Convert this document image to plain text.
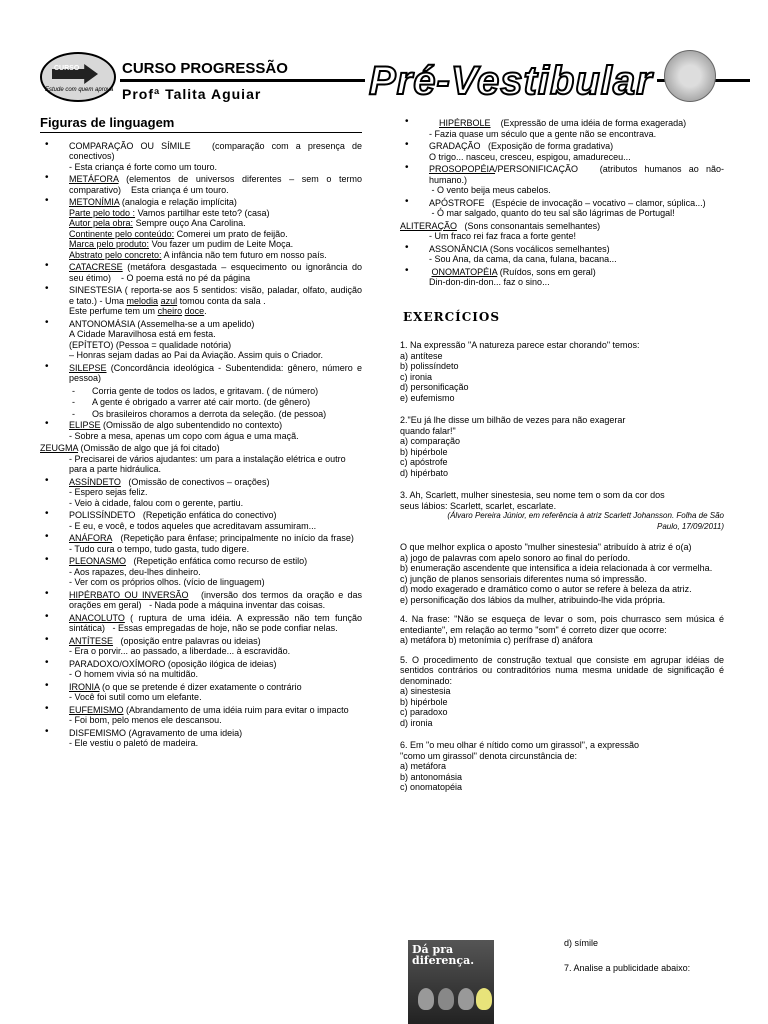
CURSO
Estude com quem aprova
CURSO PROGRESSÃO
Profª Talita Aguiar	Pré-Vestibular
Figuras de linguagem
• COMPARAÇÃO OU SÍMILE (comparação com a presença de conectivos)
- Esta criança é forte como um touro.
• METÁFORA (elementos de universos diferentes – sem o termo comparativo) Esta criança é um touro.
• METONÍMIA (analogia e relação implícita)
Parte pelo todo : Vamos partilhar este teto? (casa)
Autor pela obra: Sempre ouço Ana Carolina.
Continente pelo conteúdo: Comerei um prato de feijão.
Marca pelo produto: Vou fazer um pudim de Leite Moça.
Abstrato pelo concreto: A infância não tem futuro em nosso país.
• CATACRESE (metáfora desgastada – esquecimento ou ignorância do seu étimo) - O poema está no pé da página
• SINESTESIA ( reporta-se aos 5 sentidos: visão, paladar, olfato, audição e tato.) - Uma melodia azul tomou conta da sala .
Este perfume tem um cheiro doce.
• ANTONOMÁSIA (Assemelha-se a um apelido)
A Cidade Maravilhosa está em festa.
(EPÍTETO) (Pessoa = qualidade notória)
– Honras sejam dadas ao Pai da Aviação. Assim quis o Criador.
• SILEPSE (Concordância ideológica - Subentendida: gênero, número e pessoa)
- Corria gente de todos os lados, e gritavam. ( de número)
- A gente é obrigado a varrer até cair morto. (de gênero)
- Os brasileiros choramos a derrota da seleção. (de pessoa)
• ELIPSE (Omissão de algo subentendido no contexto)
- Sobre a mesa, apenas um copo com água e uma maçã.
ZEUGMA (Omissão de algo que já foi citado)
- Precisarei de vários ajudantes: um para a instalação elétrica e outro para a parte hidráulica.
• ASSÍNDETO (Omissão de conectivos – orações)
- Espero sejas feliz.
- Veio à cidade, falou com o gerente, partiu.
• POLISSÍNDETO (Repetição enfática do conectivo)
- E eu, e você, e todos aqueles que acreditavam assumiram...
• ANÁFORA (Repetição para ênfase; principalmente no início da frase)    - Tudo cura o tempo, tudo gasta, tudo digere.
• PLEONASMO (Repetição enfática como recurso de estilo)
- Aos rapazes, deu-lhes dinheiro.
- Ver com os próprios olhos. (vício de linguagem)
• HIPÉRBATO OU INVERSÃO (inversão dos termos da oração e das orações em geral) - Nada pode a máquina inventar das coisas.
• ANACOLUTO ( ruptura de uma idéia. A expressão não tem função sintática) - Essas empregadas de hoje, não se pode confiar nelas.
• ANTÍTESE (oposição entre palavras ou ideias)
- Era o porvir... ao passado, a liberdade... à escravidão.
• PARADOXO/OXÍMORO (oposição ilógica de ideias)
- O homem vivia só na multidão.
• IRONIA (o que se pretende é dizer exatamente o contrário
- Você foi sutil como um elefante.
• EUFEMISMO (Abrandamento de uma idéia ruim para evitar o impacto
- Foi bom, pelo menos ele descansou.
• DISFEMISMO (Agravamento de uma ideia)
- Ele vestiu o paletó de madeira.
• HIPÉRBOLE (Expressão de uma idéia de forma exagerada)
- Fazia quase um século que a gente não se encontrava.
• GRADAÇÃO (Exposição de forma gradativa)
O trigo... nasceu, cresceu, espigou, amadureceu...
• PROSOPOPÉIA/PERSONIFICAÇÃO (atributos humanos ao não-humano.)
- O vento beija meus cabelos.
• APÓSTROFE (Espécie de invocação – vocativo – clamor, súplica...)
- Ó mar salgado, quanto do teu sal são lágrimas de Portugal!
ALITERAÇÃO (Sons consonantais semelhantes)
- Um fraco rei faz fraca a forte gente!
• ASSONÂNCIA (Sons vocálicos semelhantes)
- Sou Ana, da cama, da cana, fulana, bacana...
• ONOMATOPÉIA (Ruídos, sons em geral)
Din-don-din-don... faz o sino...
EXERCÍCIOS
1. Na expressão "A natureza parece estar chorando" temos:
a) antítese
b) polissíndeto
c) ironia
d) personificação
e) eufemismo
2."Eu já lhe disse um bilhão de vezes para não exagerar
quando falar!"
a) comparação
b) hipérbole
c) apóstrofe
d) hipérbato
3. Ah, Scarlett, mulher sinestesia, seu nome tem o som da cor dos
seus lábios: Scarlett, scarlet, escarlate.
(Álvaro Pereira Júnior, em referência à atriz Scarlett Johansson. Folha de São
Paulo, 17/09/2011)
O que melhor explica o aposto "mulher sinestesia" atribuído à atriz é o(a)
a) jogo de palavras com apelo sonoro ao final do período.
b) enumeração ascendente que intensifica a ideia relacionada à cor vermelha.
c) junção de planos sensoriais diferentes numa só impressão.
d) modo exagerado e dramático como o autor se refere à beleza da atriz.
e) personificação dos lábios da mulher, atribuindo-lhe vida própria.
4. Na frase: "Não se esqueça de levar o som, pois churrasco sem música é entediante", em relação ao termo "som" é correto dizer que ocorre:
a) metáfora b) metonímia c) perífrase d) anáfora
5. O procedimento de construção textual que consiste em agrupar idéias de sentidos contrários ou contraditórios numa mesma unidade de significação é denominado:
a) sinestesia
b) hipérbole
c) paradoxo
d) ironia
6. Em "o meu olhar é nítido como um girassol", a expressão
"como um girassol" denota circunstância de:
a) metáfora
b) antonomásia
c) onomatopéia
Dá pra diferença.
d) símile
7. Analise a publicidade abaixo:
